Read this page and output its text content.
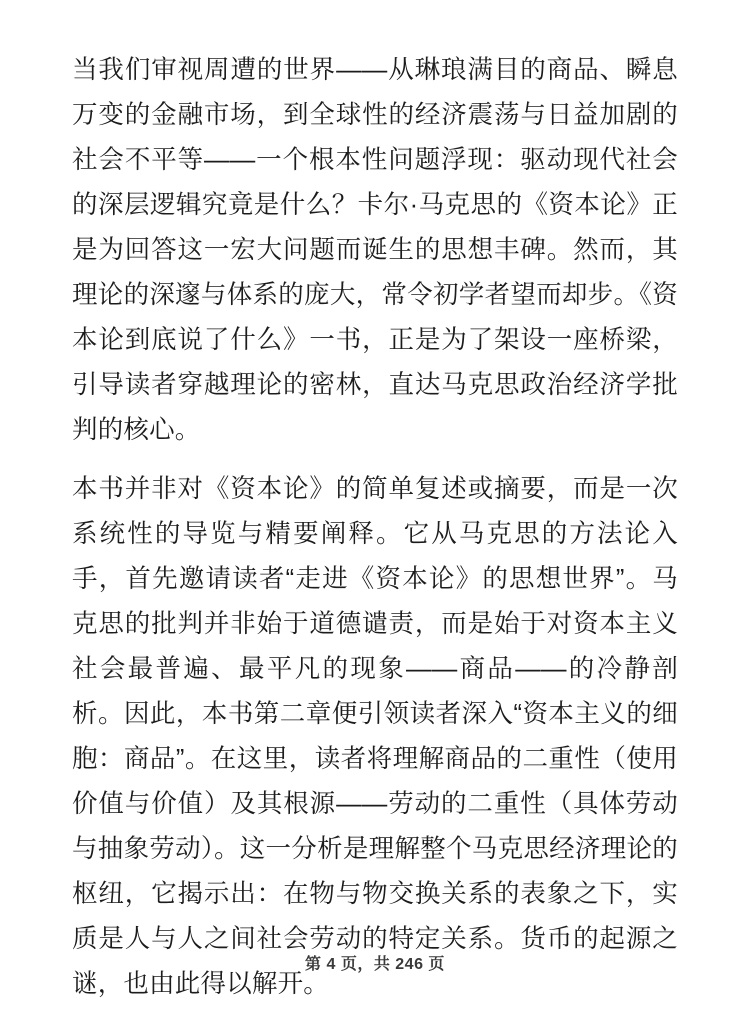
当我们审视周遭的世界——从琳琅满目的商品、瞬息万变的金融市场，到全球性的经济震荡与日益加剧的社会不平等——一个根本性问题浮现：驱动现代社会的深层逻辑究竟是什么？卡尔·马克思的《资本论》正是为回答这一宏大问题而诞生的思想丰碑。然而，其理论的深邃与体系的庞大，常令初学者望而却步。《资本论到底说了什么》一书，正是为了架设一座桥梁，引导读者穿越理论的密林，直达马克思政治经济学批判的核心。

本书并非对《资本论》的简单复述或摘要，而是一次系统性的导览与精要阐释。它从马克思的方法论入手，首先邀请读者“走进《资本论》的思想世界”。马克思的批判并非始于道德谴责，而是始于对资本主义社会最普遍、最平凡的现象——商品——的冷静剖析。因此，本书第二章便引领读者深入“资本主义的细胞：商品”。在这里，读者将理解商品的二重性（使用价值与价值）及其根源——劳动的二重性（具体劳动与抽象劳动）。这一分析是理解整个马克思经济理论的枢纽，它揭示出：在物与物交换关系的表象之下，实质是人与人之间社会劳动的特定关系。货币的起源之谜，也由此得以解开。

第 4 页，共 246 页
